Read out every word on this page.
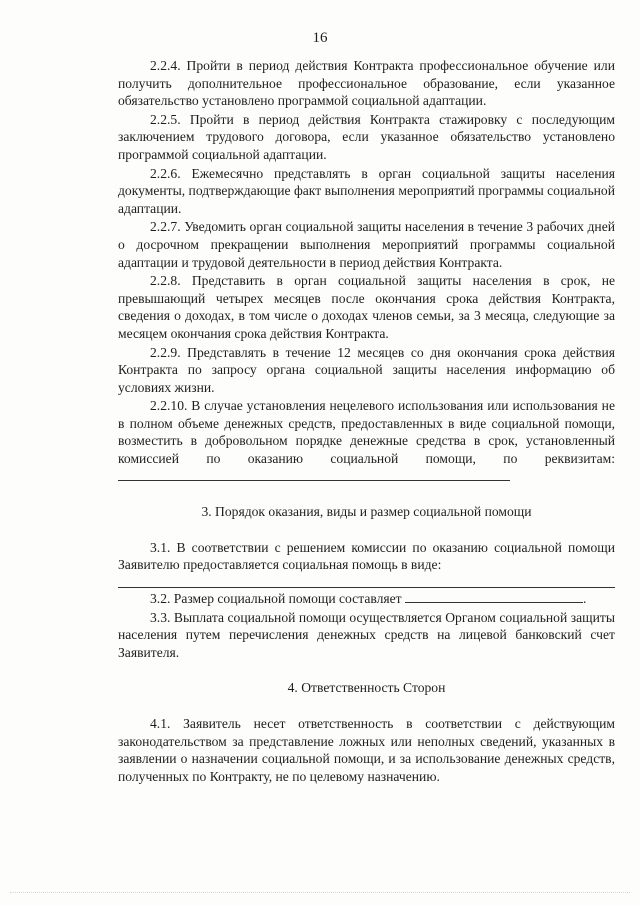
16

2.2.4. Пройти в период действия Контракта профессиональное обучение или получить дополнительное профессиональное образование, если указанное обязательство установлено программой социальной адаптации.

2.2.5. Пройти в период действия Контракта стажировку с последующим заключением трудового договора, если указанное обязательство установлено программой социальной адаптации.

2.2.6. Ежемесячно представлять в орган социальной защиты населения документы, подтверждающие факт выполнения мероприятий программы социальной адаптации.

2.2.7. Уведомить орган социальной защиты населения в течение 3 рабочих дней о досрочном прекращении выполнения мероприятий программы социальной адаптации и трудовой деятельности в период действия Контракта.

2.2.8. Представить в орган социальной защиты населения в срок, не превышающий четырех месяцев после окончания срока действия Контракта, сведения о доходах, в том числе о доходах членов семьи, за 3 месяца, следующие за месяцем окончания срока действия Контракта.

2.2.9. Представлять в течение 12 месяцев со дня окончания срока действия Контракта по запросу органа социальной защиты населения информацию об условиях жизни.

2.2.10. В случае установления нецелевого использования или использования не в полном объеме денежных средств, предоставленных в виде социальной помощи, возместить в добровольном порядке денежные средства в срок, установленный комиссией по оказанию социальной помощи, по реквизитам:

3. Порядок оказания, виды и размер социальной помощи

3.1. В соответствии с решением комиссии по оказанию социальной помощи Заявителю предоставляется социальная помощь в виде:

3.2. Размер социальной помощи составляет	.

3.3. Выплата социальной помощи осуществляется Органом социальной защиты населения путем перечисления денежных средств на лицевой банковский счет Заявителя.

4. Ответственность Сторон

4.1. Заявитель несет ответственность в соответствии с действующим законодательством за представление ложных или неполных сведений, указанных в заявлении о назначении социальной помощи, и за использование денежных средств, полученных по Контракту, не по целевому назначению.
